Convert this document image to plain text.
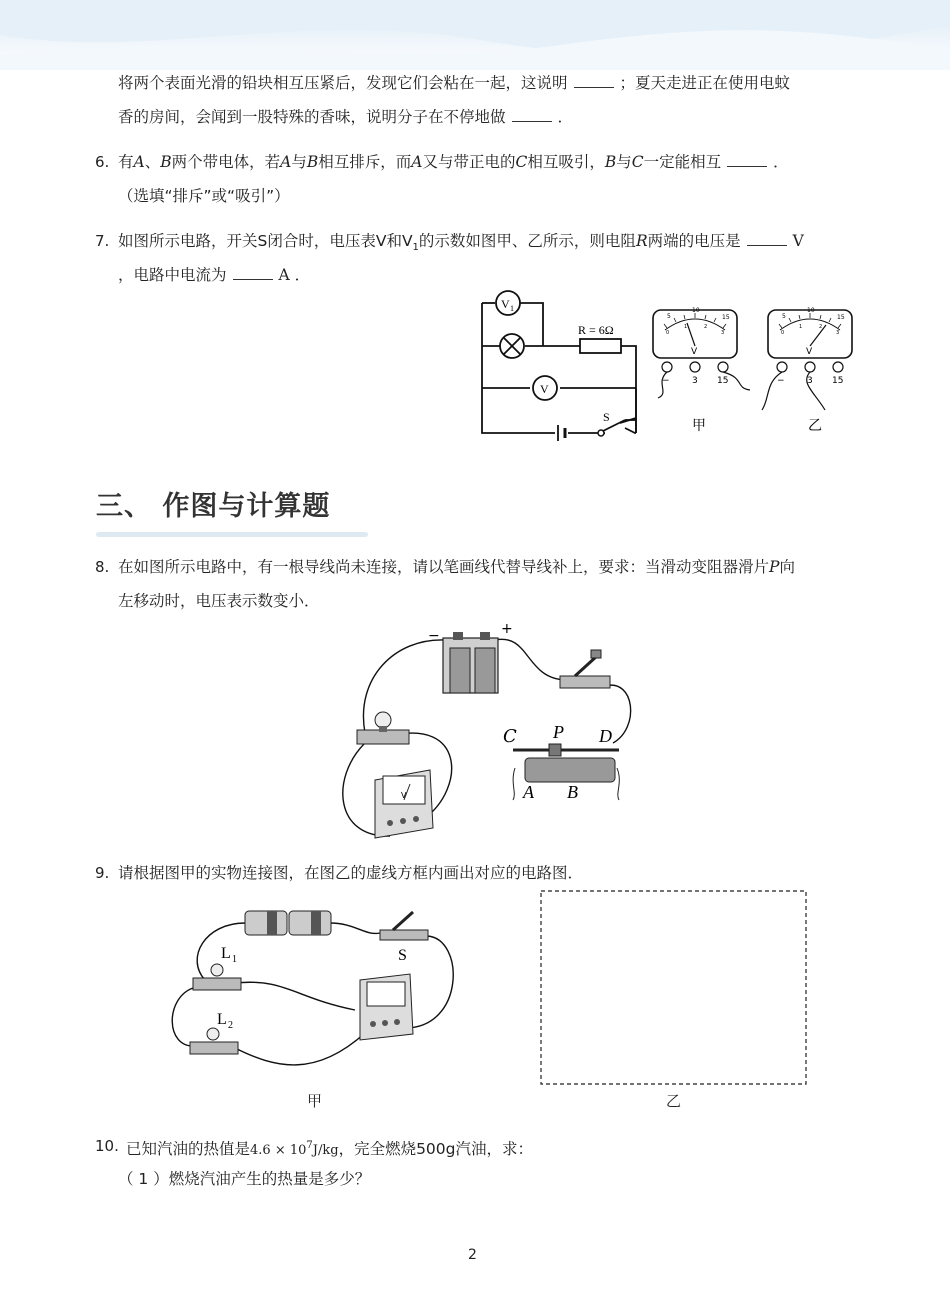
将两个表面光滑的铅块相互压紧后，发现它们会粘在一起，这说明	；夏天走进正在使用电蚊
香的房间，会闻到一股特殊的香味，说明分子在不停地做	．
6. 有A、B两个带电体，若A与B相互排斥，而A又与带正电的C相互吸引，B与C一定能相互	．
（选填“排斥”或“吸引”）
7. 如图所示电路，开关S闭合时，电压表V和$V_1$的示数如图甲、乙所示，则电阻R两端的电压是	V
，电路中电流为	A ．
R = 6Ω
V 1
V
S
5
10
15
0
1	2
3
V
− 3 15
甲
5
10
15
0
1	2
3
V
− 3 15
乙
三、 作图与计算题
8. 在如图所示电路中，有一根导线尚未连接，请以笔画线代替导线补上，要求：当滑动变阻器滑片P向
左移动时，电压表示数变小．
−	+
V
C P D
A B
9. 请根据图甲的实物连接图，在图乙的虚线方框内画出对应的电路图．
S
L 1
L 2
甲	乙
10. 已知汽油的热值是$4.6 \times 10^7J/kg$，完全燃烧500g汽油，求：
（ 1 ）燃烧汽油产生的热量是多少？
2
